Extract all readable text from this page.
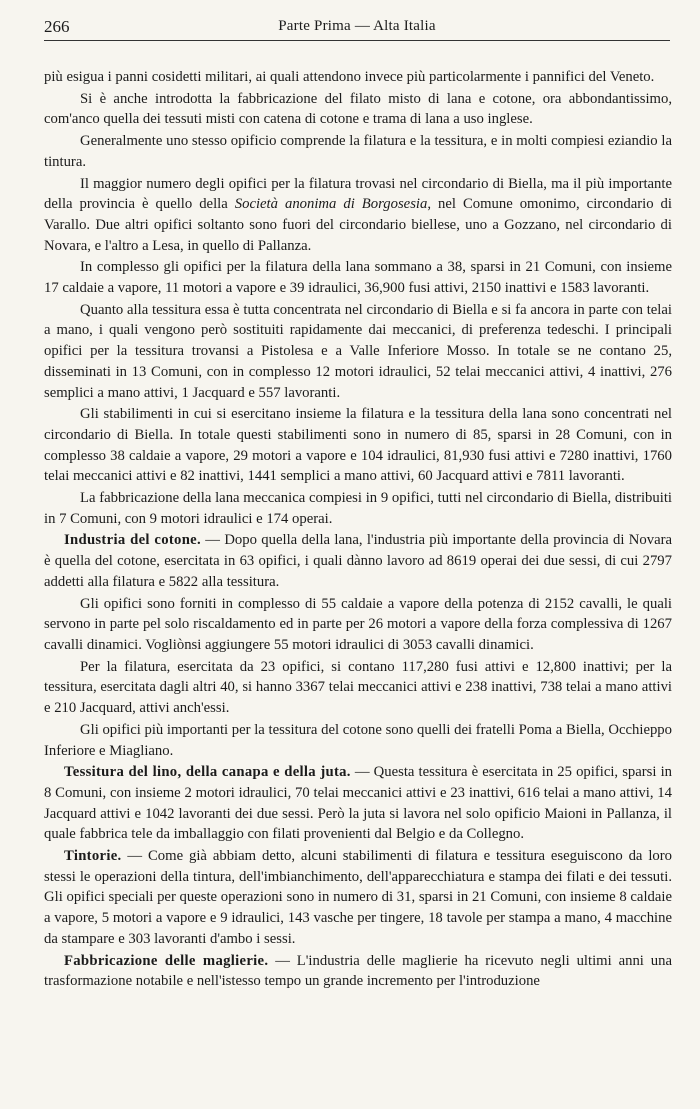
266	Parte Prima — Alta Italia

più esigua i panni cosidetti militari, ai quali attendono invece più particolarmente i pannifici del Veneto.

Si è anche introdotta la fabbricazione del filato misto di lana e cotone, ora abbondantissimo, com'anco quella dei tessuti misti con catena di cotone e trama di lana a uso inglese.

Generalmente uno stesso opificio comprende la filatura e la tessitura, e in molti compiesi eziandio la tintura.

Il maggior numero degli opifici per la filatura trovasi nel circondario di Biella, ma il più importante della provincia è quello della Società anonima di Borgosesia, nel Comune omonimo, circondario di Varallo. Due altri opifici soltanto sono fuori del circondario biellese, uno a Gozzano, nel circondario di Novara, e l'altro a Lesa, in quello di Pallanza.

In complesso gli opifici per la filatura della lana sommano a 38, sparsi in 21 Comuni, con insieme 17 caldaie a vapore, 11 motori a vapore e 39 idraulici, 36,900 fusi attivi, 2150 inattivi e 1583 lavoranti.

Quanto alla tessitura essa è tutta concentrata nel circondario di Biella e si fa ancora in parte con telai a mano, i quali vengono però sostituiti rapidamente dai meccanici, di preferenza tedeschi. I principali opifici per la tessitura trovansi a Pistolesa e a Valle Inferiore Mosso. In totale se ne contano 25, disseminati in 13 Comuni, con in complesso 12 motori idraulici, 52 telai meccanici attivi, 4 inattivi, 276 semplici a mano attivi, 1 Jacquard e 557 lavoranti.

Gli stabilimenti in cui si esercitano insieme la filatura e la tessitura della lana sono concentrati nel circondario di Biella. In totale questi stabilimenti sono in numero di 85, sparsi in 28 Comuni, con in complesso 38 caldaie a vapore, 29 motori a vapore e 104 idraulici, 81,930 fusi attivi e 7280 inattivi, 1760 telai meccanici attivi e 82 inattivi, 1441 semplici a mano attivi, 60 Jacquard attivi e 7811 lavoranti.

La fabbricazione della lana meccanica compiesi in 9 opifici, tutti nel circondario di Biella, distribuiti in 7 Comuni, con 9 motori idraulici e 174 operai.

Industria del cotone. — Dopo quella della lana, l'industria più importante della provincia di Novara è quella del cotone, esercitata in 63 opifici, i quali dànno lavoro ad 8619 operai dei due sessi, di cui 2797 addetti alla filatura e 5822 alla tessitura.

Gli opifici sono forniti in complesso di 55 caldaie a vapore della potenza di 2152 cavalli, le quali servono in parte pel solo riscaldamento ed in parte per 26 motori a vapore della forza complessiva di 1267 cavalli dinamici. Vogliònsi aggiungere 55 motori idraulici di 3053 cavalli dinamici.

Per la filatura, esercitata da 23 opifici, si contano 117,280 fusi attivi e 12,800 inattivi; per la tessitura, esercitata dagli altri 40, si hanno 3367 telai meccanici attivi e 238 inattivi, 738 telai a mano attivi e 210 Jacquard, attivi anch'essi.

Gli opifici più importanti per la tessitura del cotone sono quelli dei fratelli Poma a Biella, Occhieppo Inferiore e Miagliano.

Tessitura del lino, della canapa e della juta. — Questa tessitura è esercitata in 25 opifici, sparsi in 8 Comuni, con insieme 2 motori idraulici, 70 telai meccanici attivi e 23 inattivi, 616 telai a mano attivi, 14 Jacquard attivi e 1042 lavoranti dei due sessi. Però la juta si lavora nel solo opificio Maioni in Pallanza, il quale fabbrica tele da imballaggio con filati provenienti dal Belgio e da Collegno.

Tintorie. — Come già abbiam detto, alcuni stabilimenti di filatura e tessitura eseguiscono da loro stessi le operazioni della tintura, dell'imbianchimento, dell'apparecchiatura e stampa dei filati e dei tessuti. Gli opifici speciali per queste operazioni sono in numero di 31, sparsi in 21 Comuni, con insieme 8 caldaie a vapore, 5 motori a vapore e 9 idraulici, 143 vasche per tingere, 18 tavole per stampa a mano, 4 macchine da stampare e 303 lavoranti d'ambo i sessi.

Fabbricazione delle maglierie. — L'industria delle maglierie ha ricevuto negli ultimi anni una trasformazione notabile e nell'istesso tempo un grande incremento per l'introduzione
